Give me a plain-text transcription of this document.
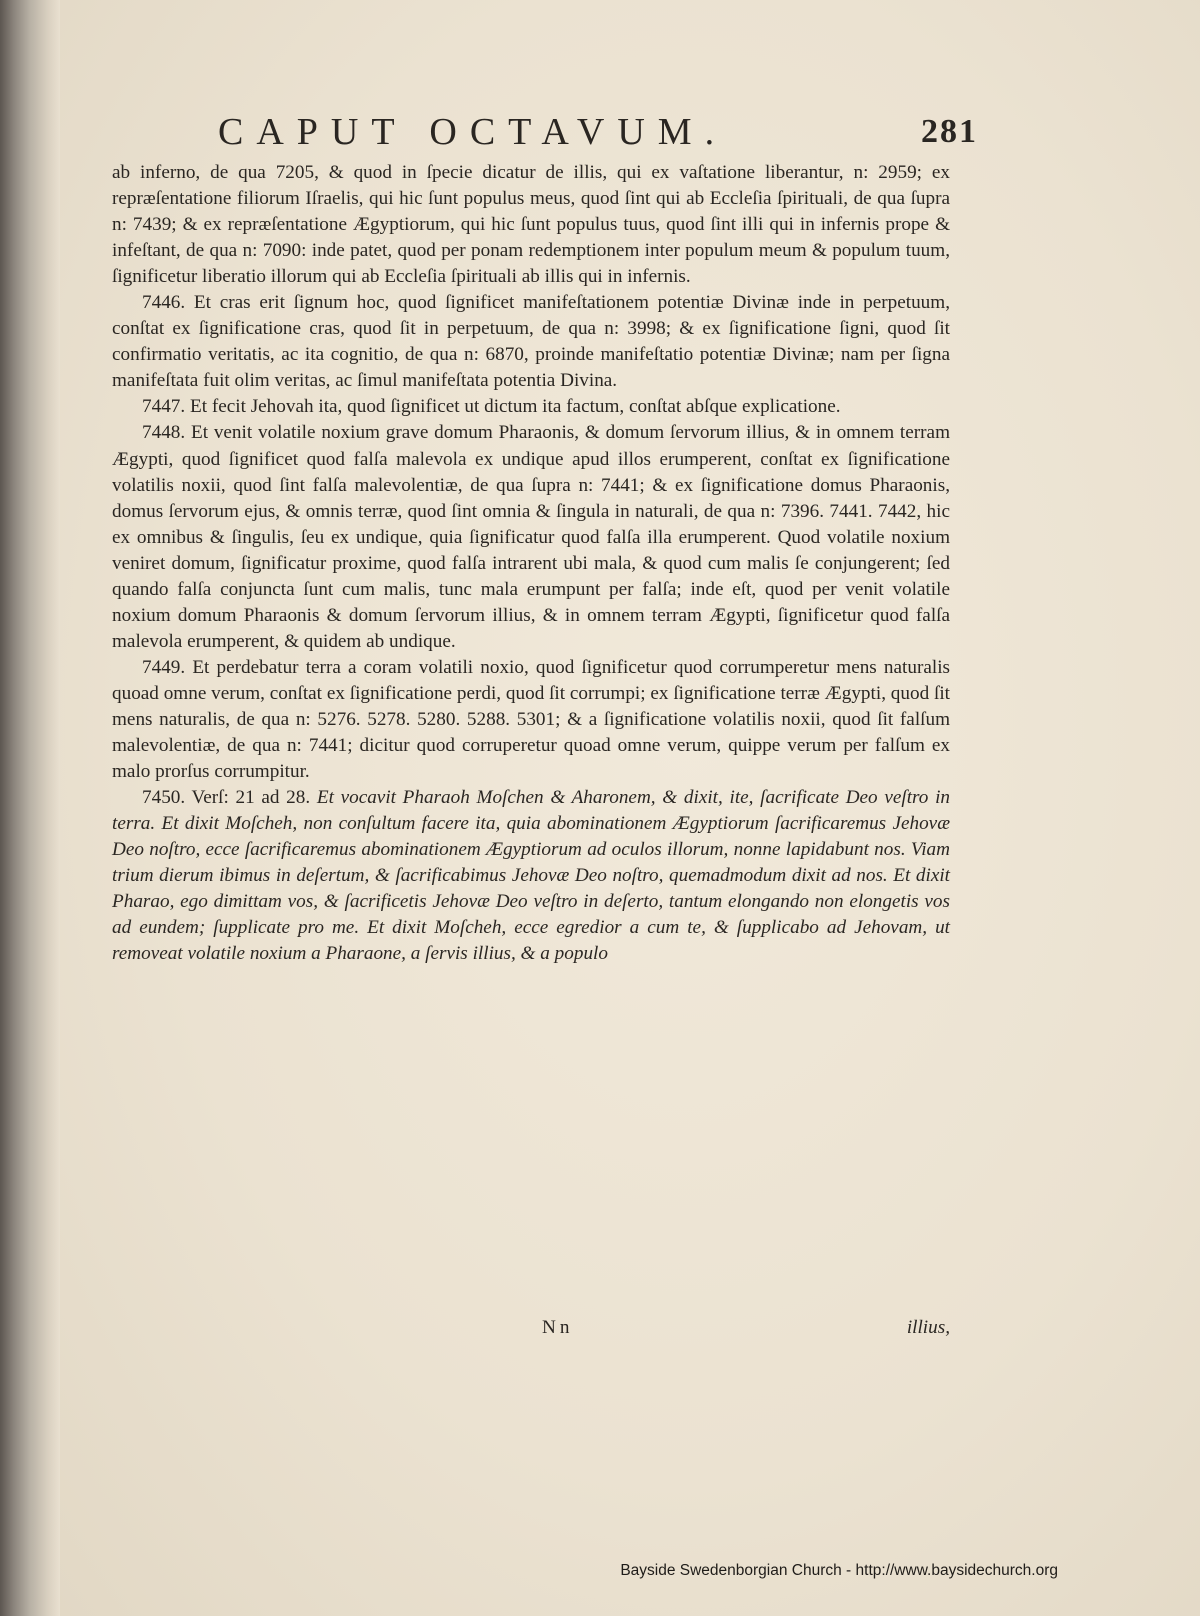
CAPUT OCTAVUM.	281

ab inferno, de qua 7205, & quod in ſpecie dicatur de illis, qui ex vaſtatione liberantur, n: 2959; ex repræſentatione filiorum Iſraelis, qui hic ſunt populus meus, quod ſint qui ab Eccleſia ſpirituali, de qua ſupra n: 7439; & ex repræſentatione Ægyptiorum, qui hic ſunt populus tuus, quod ſint illi qui in infernis prope & infeſtant, de qua n: 7090: inde patet, quod per ponam redemptionem inter populum meum & populum tuum, ſignificetur liberatio illorum qui ab Eccleſia ſpirituali ab illis qui in infernis.

7446. Et cras erit ſignum hoc, quod ſignificet manifeſtationem potentiæ Divinæ inde in perpetuum, conſtat ex ſignificatione cras, quod ſit in perpetuum, de qua n: 3998; & ex ſignificatione ſigni, quod ſit confirmatio veritatis, ac ita cognitio, de qua n: 6870, proinde manifeſtatio potentiæ Divinæ; nam per ſigna manifeſtata fuit olim veritas, ac ſimul manifeſtata potentia Divina.

7447. Et fecit Jehovah ita, quod ſignificet ut dictum ita factum, conſtat abſque explicatione.

7448. Et venit volatile noxium grave domum Pharaonis, & domum ſervorum illius, & in omnem terram Ægypti, quod ſignificet quod falſa malevola ex undique apud illos erumperent, conſtat ex ſignificatione volatilis noxii, quod ſint falſa malevolentiæ, de qua ſupra n: 7441; & ex ſignificatione domus Pharaonis, domus ſervorum ejus, & omnis terræ, quod ſint omnia & ſingula in naturali, de qua n: 7396. 7441. 7442, hic ex omnibus & ſingulis, ſeu ex undique, quia ſignificatur quod falſa illa erumperent. Quod volatile noxium veniret domum, ſignificatur proxime, quod falſa intrarent ubi mala, & quod cum malis ſe conjungerent; ſed quando falſa conjuncta ſunt cum malis, tunc mala erumpunt per falſa; inde eſt, quod per venit volatile noxium domum Pharaonis & domum ſervorum illius, & in omnem terram Ægypti, ſignificetur quod falſa malevola erumperent, & quidem ab undique.

7449. Et perdebatur terra a coram volatili noxio, quod ſignificetur quod corrumperetur mens naturalis quoad omne verum, conſtat ex ſignificatione perdi, quod ſit corrumpi; ex ſignificatione terræ Ægypti, quod ſit mens naturalis, de qua n: 5276. 5278. 5280. 5288. 5301; & a ſignificatione volatilis noxii, quod ſit falſum malevolentiæ, de qua n: 7441; dicitur quod corruperetur quoad omne verum, quippe verum per falſum ex malo prorſus corrumpitur.

7450. Verſ: 21 ad 28. Et vocavit Pharaoh Moſchen & Aharonem, & dixit, ite, ſacrificate Deo veſtro in terra. Et dixit Moſcheh, non conſultum facere ita, quia abominationem Ægyptiorum ſacrificaremus Jehovæ Deo noſtro, ecce ſacrificaremus abominationem Ægyptiorum ad oculos illorum, nonne lapidabunt nos. Viam trium dierum ibimus in deſertum, & ſacrificabimus Jehovæ Deo noſtro, quemadmodum dixit ad nos. Et dixit Pharao, ego dimittam vos, & ſacrificetis Jehovæ Deo veſtro in deſerto, tantum elongando non elongetis vos ad eundem; ſupplicate pro me. Et dixit Moſcheh, ecce egredior a cum te, & ſupplicabo ad Jehovam, ut removeat volatile noxium a Pharaone, a ſervis illius, & a populo

Nn	illius,
Bayside Swedenborgian Church - http://www.baysidechurch.org
